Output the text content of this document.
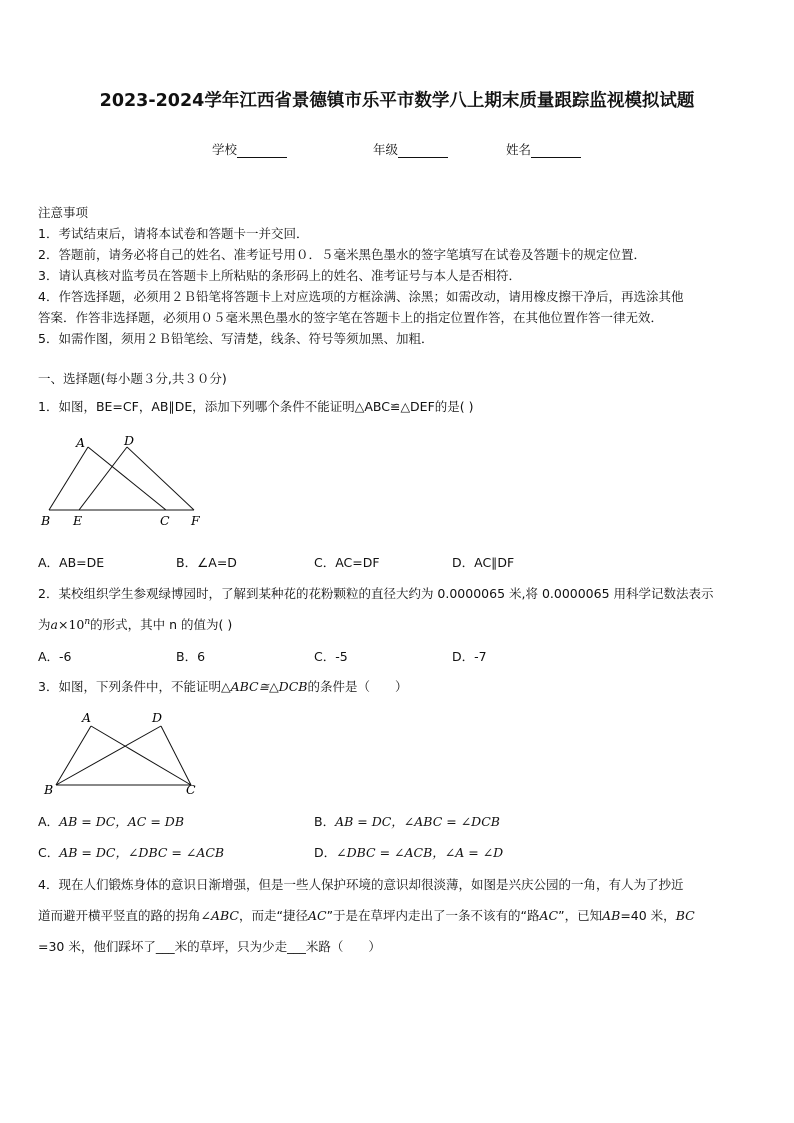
2023-2024学年江西省景德镇市乐平市数学八上期末质量跟踪监视模拟试题
学校	年级	姓名
注意事项
1．考试结束后，请将本试卷和答题卡一并交回．
2．答题前，请务必将自己的姓名、准考证号用０．５毫米黑色墨水的签字笔填写在试卷及答题卡的规定位置．
3．请认真核对监考员在答题卡上所粘贴的条形码上的姓名、准考证号与本人是否相符．
4．作答选择题，必须用２Ｂ铅笔将答题卡上对应选项的方框涂满、涂黑；如需改动，请用橡皮擦干净后，再选涂其他
答案．作答非选择题，必须用０５毫米黑色墨水的签字笔在答题卡上的指定位置作答，在其他位置作答一律无效．
5．如需作图，须用２Ｂ铅笔绘、写清楚，线条、符号等须加黑、加粗．
一、选择题(每小题３分,共３０分)
1．如图，BE=CF，AB∥DE，添加下列哪个条件不能证明△ABC≌△DEF的是( )
A	D
B E	C F
A．AB=DE	B．∠A=D	C．AC=DF	D．AC∥DF
2．某校组织学生参观绿博园时，了解到某种花的花粉颗粒的直径大约为 0.0000065 米,将 0.0000065 用科学记数法表示
为$a\times 10^n$的形式，其中 n 的值为( )
A．-6	B．6	C．-5	D．-7
3．如图，下列条件中，不能证明△ABC≅△DCB的条件是（　　）
A	D
B	C
A．AB = DC，AC = DB	B．AB = DC，∠ABC = ∠DCB
C．AB = DC，∠DBC = ∠ACB	D．∠DBC = ∠ACB，∠A = ∠D
4．现在人们锻炼身体的意识日渐增强，但是一些人保护环境的意识却很淡薄，如图是兴庆公园的一角，有人为了抄近
道而避开横平竖直的路的拐角∠ABC，而走“捷径AC”于是在草坪内走出了一条不该有的“路AC”，已知AB=40 米，BC
=30 米，他们踩坏了___米的草坪，只为少走___米路（　　）
